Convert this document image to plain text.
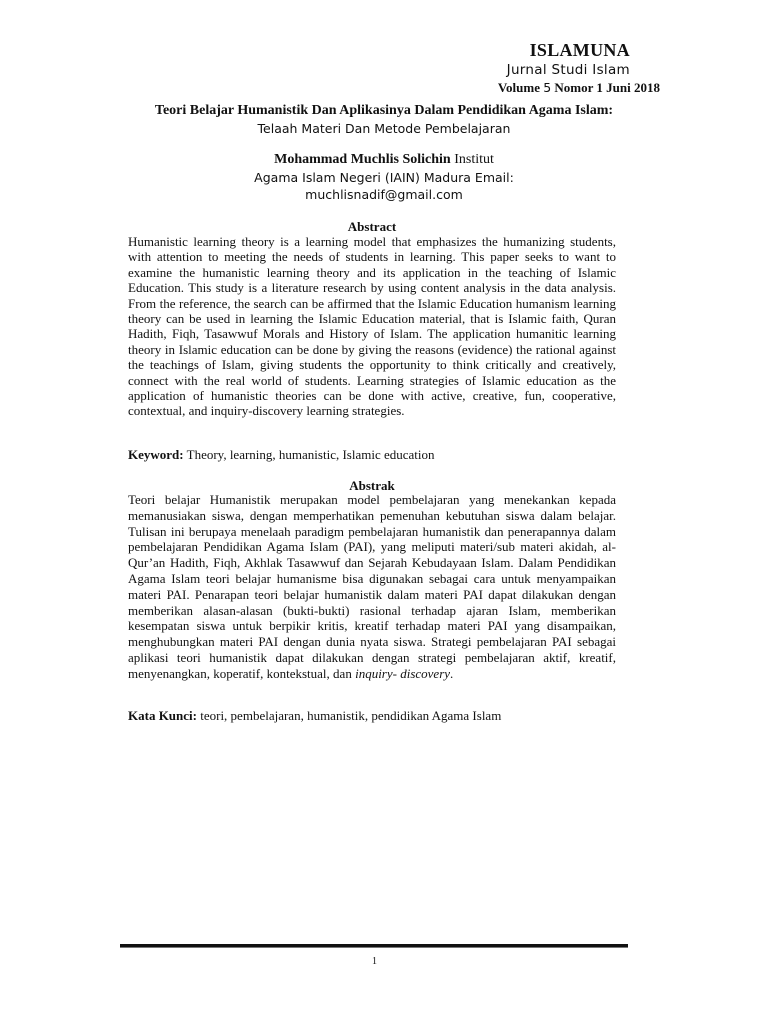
ISLAMUNA
Jurnal Studi Islam
Volume 5 Nomor 1 Juni 2018
Teori Belajar Humanistik Dan Aplikasinya Dalam Pendidikan Agama Islam:
Telaah Materi Dan Metode Pembelajaran
Mohammad Muchlis Solichin Institut
Agama Islam Negeri (IAIN) Madura Email:
muchlisnadif@gmail.com
Abstract
Humanistic learning theory is a learning model that emphasizes the humanizing students, with attention to meeting the needs of students in learning. This paper seeks to want to examine the humanistic learning theory and its application in the teaching of Islamic Education. This study is a literature research by using content analysis in the data analysis. From the reference, the search can be affirmed that the Islamic Education humanism learning theory can be used in learning the Islamic Education material, that is Islamic faith, Quran Hadith, Fiqh, Tasawwuf Morals and History of Islam. The application humanitic learning theory in Islamic education can be done by giving the reasons (evidence) the rational against the teachings of Islam, giving students the opportunity to think critically and creatively, connect with the real world of students. Learning strategies of Islamic education as the application of humanistic theories can be done with active, creative, fun, cooperative, contextual, and inquiry-discovery learning strategies.
Keyword: Theory, learning, humanistic, Islamic education
Abstrak
Teori belajar Humanistik merupakan model pembelajaran yang menekankan kepada memanusiakan siswa, dengan memperhatikan pemenuhan kebutuhan siswa dalam belajar. Tulisan ini berupaya menelaah paradigm pembelajaran humanistik dan penerapannya dalam pembelajaran Pendidikan Agama Islam (PAI), yang meliputi materi/sub materi akidah, al-Qur’an Hadith, Fiqh, Akhlak Tasawwuf dan Sejarah Kebudayaan Islam. Dalam Pendidikan Agama Islam teori belajar humanisme bisa digunakan sebagai cara untuk menyampaikan materi PAI. Penarapan teori belajar humanistik dalam materi PAI dapat dilakukan dengan memberikan alasan-alasan (bukti-bukti) rasional terhadap ajaran Islam, memberikan kesempatan siswa untuk berpikir kritis, kreatif terhadap materi PAI yang disampaikan, menghubungkan materi PAI dengan dunia nyata siswa. Strategi pembelajaran PAI sebagai aplikasi teori humanistik dapat dilakukan dengan strategi pembelajaran aktif, kreatif, menyenangkan, koperatif, kontekstual, dan inquiry- discovery.
Kata Kunci: teori, pembelajaran, humanistik, pendidikan Agama Islam
1
